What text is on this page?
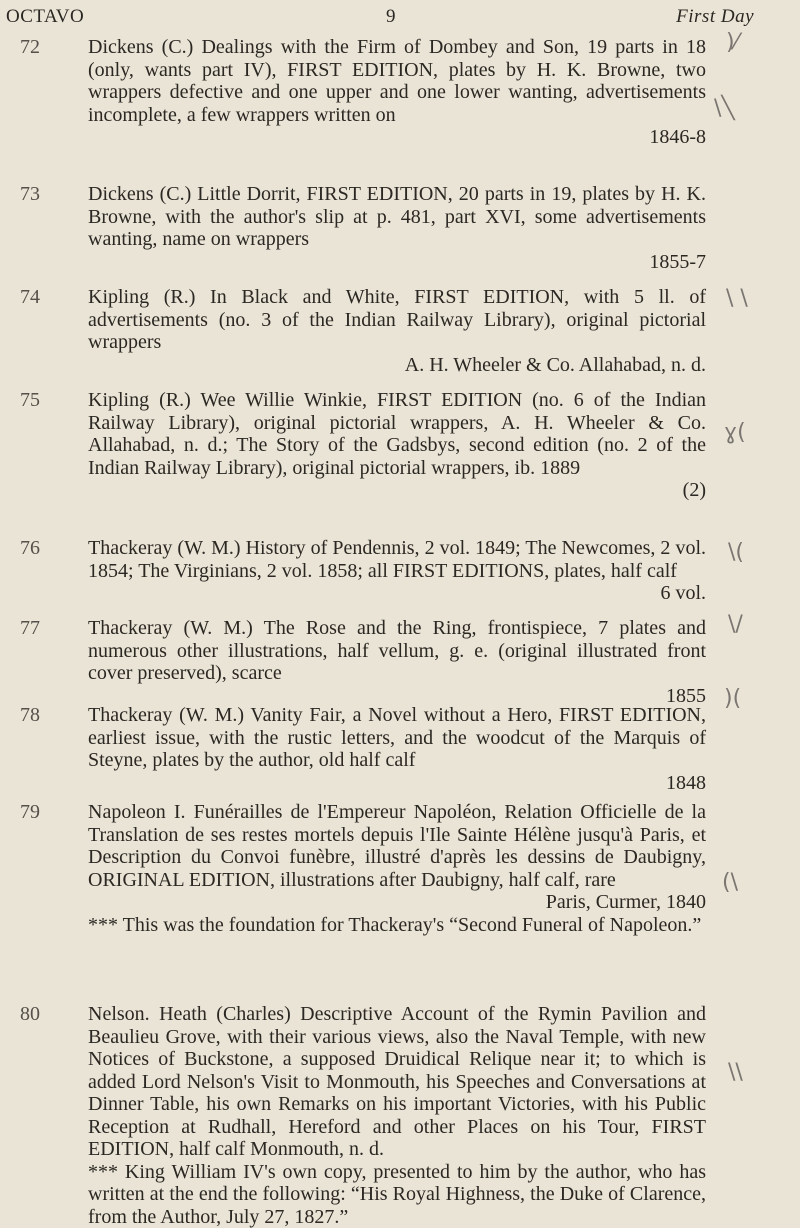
OCTAVO	9	First Day
72 Dickens (C.) Dealings with the Firm of Dombey and Son, 19 parts in 18 (only, wants part IV), FIRST EDITION, plates by H. K. Browne, two wrappers defective and one upper and one lower wanting, advertisements incomplete, a few wrappers written on

1846-8

73 Dickens (C.) Little Dorrit, FIRST EDITION, 20 parts in 19, plates by H. K. Browne, with the author's slip at p. 481, part XVI, some advertisements wanting, name on wrappers

1855-7

74 Kipling (R.) In Black and White, FIRST EDITION, with 5 ll. of advertisements (no. 3 of the Indian Railway Library), original pictorial wrappers

A. H. Wheeler & Co. Allahabad, n. d.

75 Kipling (R.) Wee Willie Winkie, FIRST EDITION (no. 6 of the Indian Railway Library), original pictorial wrappers, A. H. Wheeler & Co. Allahabad, n. d.; The Story of the Gadsbys, second edition (no. 2 of the Indian Railway Library), original pictorial wrappers, ib. 1889

(2)

76 Thackeray (W. M.) History of Pendennis, 2 vol. 1849; The Newcomes, 2 vol. 1854; The Virginians, 2 vol. 1858; all FIRST EDITIONS, plates, half calf

6 vol.

77 Thackeray (W. M.) The Rose and the Ring, frontispiece, 7 plates and numerous other illustrations, half vellum, g. e. (original illustrated front cover preserved), scarce

1855

78 Thackeray (W. M.) Vanity Fair, a Novel without a Hero, FIRST EDITION, earliest issue, with the rustic letters, and the woodcut of the Marquis of Steyne, plates by the author, old half calf

1848

79 Napoleon I. Funérailles de l'Empereur Napoléon, Relation Officielle de la Translation de ses restes mortels depuis l'Ile Sainte Hélène jusqu'à Paris, et Description du Convoi funèbre, illustré d'après les dessins de Daubigny, ORIGINAL EDITION, illustrations after Daubigny, half calf, rare

Paris, Curmer, 1840

*** This was the foundation for Thackeray's “Second Funeral of Napoleon.”

80 Nelson. Heath (Charles) Descriptive Account of the Rymin Pavilion and Beaulieu Grove, with their various views, also the Naval Temple, with new Notices of Buckstone, a supposed Druidical Relique near it; to which is added Lord Nelson's Visit to Monmouth, his Speeches and Conversations at Dinner Table, his own Remarks on his important Victories, with his Public Reception at Rudhall, Hereford and other Places on his Tour, FIRST EDITION, half calf Monmouth, n. d.

*** King William IV's own copy, presented to him by the author, who has written at the end the following: “His Royal Highness, the Duke of Clarence, from the Author, July 27, 1827.”

)⁄
\╲
\ \
ɣ(
\(
\/
)(
(\
\\
